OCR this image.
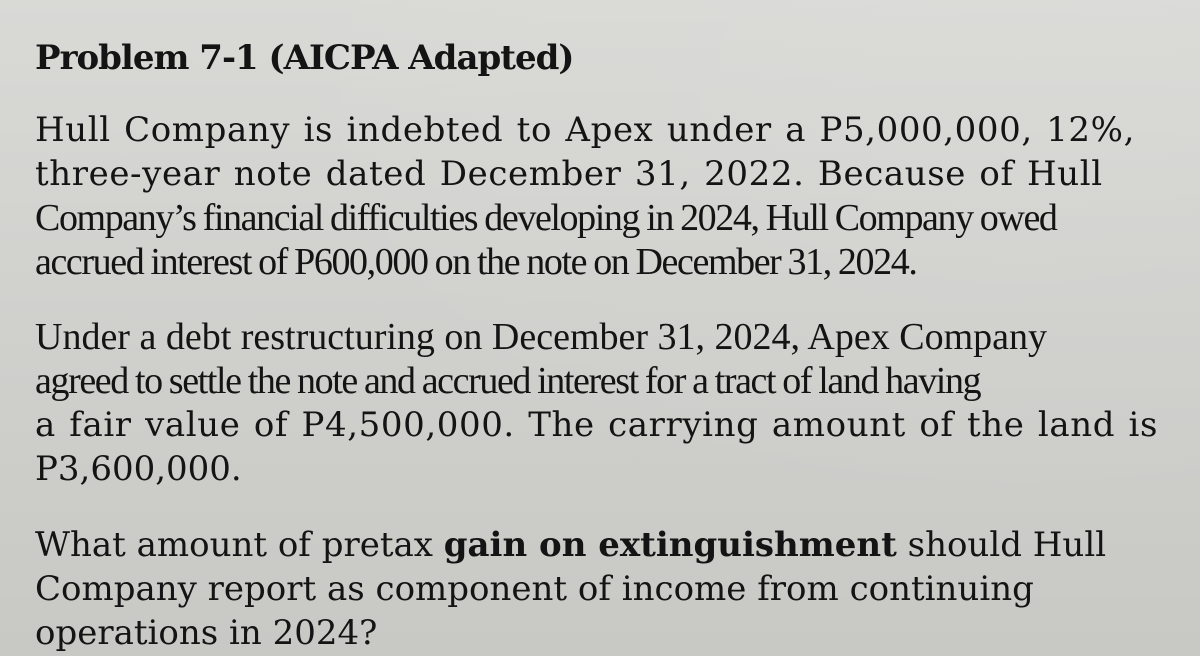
Problem 7-1 (AICPA Adapted)

Hull Company is indebted to Apex under a P5,000,000, 12%,
three-year note dated December 31, 2022. Because of Hull
Company’s financial difficulties developing in 2024, Hull Company owed
accrued interest of P600,000 on the note on December 31, 2024.

Under a debt restructuring on December 31, 2024, Apex Company
agreed to settle the note and accrued interest for a tract of land having
a fair value of P4,500,000. The carrying amount of the land is
P3,600,000.

What amount of pretax gain on extinguishment should Hull
Company report as component of income from continuing
operations in 2024?
